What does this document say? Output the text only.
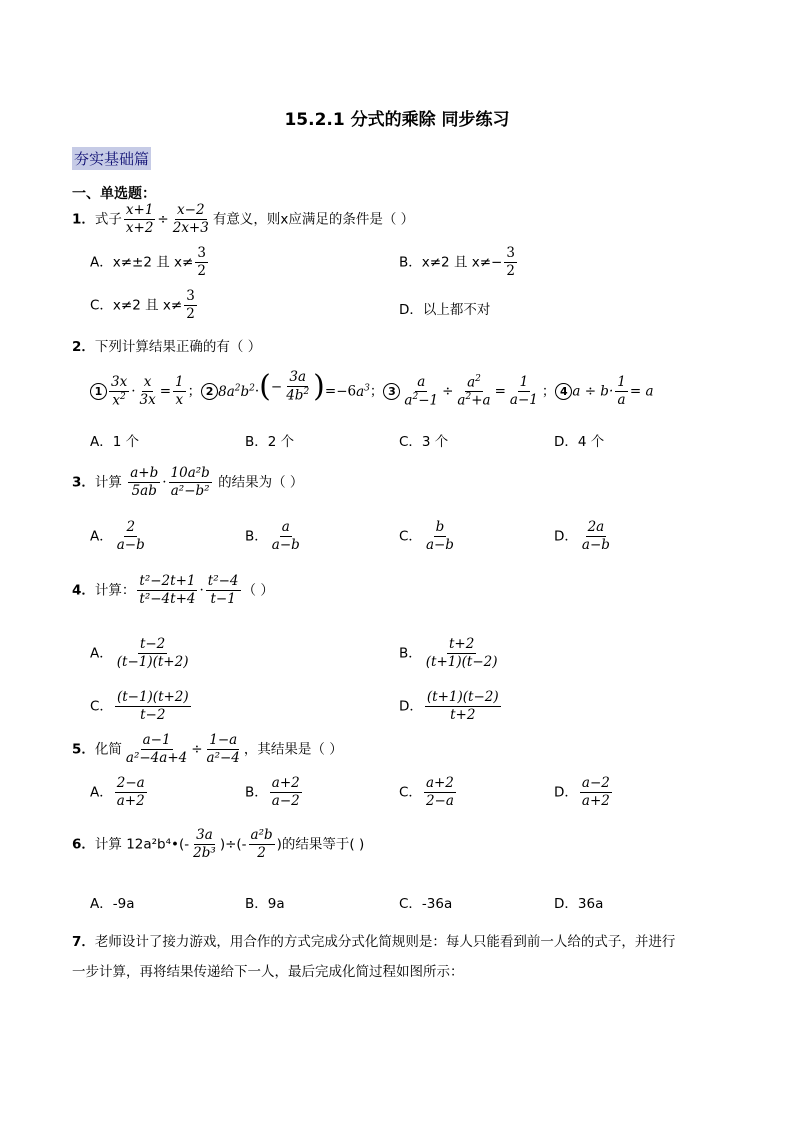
15.2.1 分式的乘除 同步练习
夯实基础篇
一、单选题：
1．式子 $\frac{x+1}{x+2} \div \frac{x-2}{2x+3}$ 有意义，则x应满足的条件是（ ）
A．x≠±2 且 $x\ne \frac{3}{2}$	B．x≠2 且 $x\ne- \frac{3}{2}$
C．x≠2 且 $x\ne \frac{3}{2}$	D．以上都不对
2．下列计算结果正确的有（ ）
$1 \frac{3x}{x^2} \cdot \frac{x}{3x} = \frac{1}{x}$ ； 2 $8a^2b^2\cdot$ ( − $\frac{3a}{4b^2}$ ) $=-6a^3$； $3 \frac{a}{a^2-1} \div \frac{a^2}{a^2+a} = \frac{1}{a-1}$ ； 4 $a \div b\cdot \frac{1}{a} = a$
A．1 个	B．2 个	C．3 个	D．4 个
3．计算 $\frac{a+b}{5ab} \cdot \frac{\text{10a²b}}{\text{a²−b²}}$ 的结果为（ ）
A． $\frac{2}{a-b}$	B． $\frac{a}{a-b}$	C． $\frac{b}{a-b}$	D． $\frac{2a}{a-b}$
4．计算： $\frac{\text{t²−2t+1}}{\text{t²−4t+4}} \cdot \frac{\text{t²−4}}{t-1}$ （ ）
A． $\frac{t-2}{(t-1)(t+2)}$	B． $\frac{t+2}{(t+1)(t-2)}$
C． $\frac{(t-1)(t+2)}{t-2}$	D． $\frac{(t+1)(t-2)}{t+2}$
5．化简 $\frac{a-1}{\text{a²−4a+4}} \div \frac{1-a}{\text{a²−4}}$ ，其结果是（ ）
A． $\frac{2-a}{a+2}$	B． $\frac{a+2}{a-2}$	C． $\frac{a+2}{2-a}$	D． $\frac{a-2}{a+2}$
6．计算 12a²b⁴•(- $\frac{3a}{\text{2b³}}$ )÷(- $\frac{\text{a²b}}{2}$ )的结果等于( )
A．-9a	B．9a	C．-36a	D．36a
7．老师设计了接力游戏，用合作的方式完成分式化简规则是：每人只能看到前一人给的式子，并进行
一步计算，再将结果传递给下一人，最后完成化简过程如图所示：
